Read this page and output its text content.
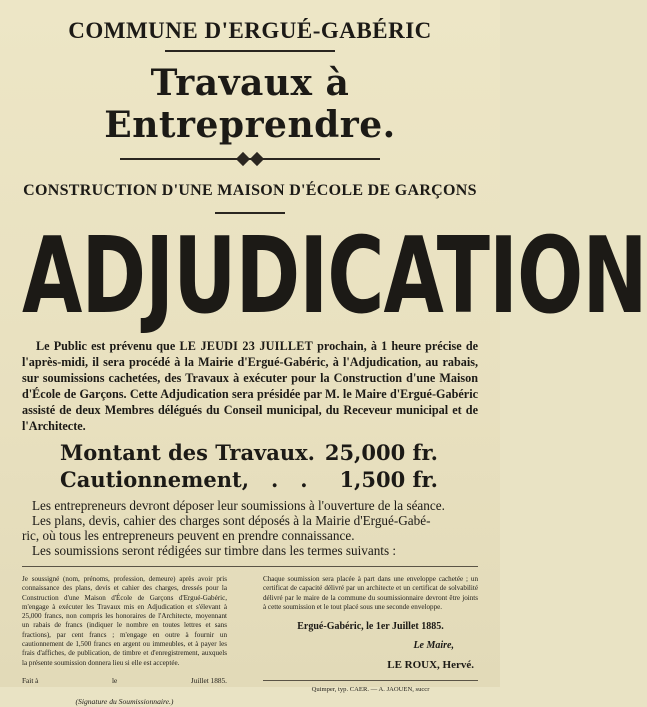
COMMUNE D'ERGUÉ-GABÉRIC
Travaux à Entreprendre.
CONSTRUCTION D'UNE MAISON D'ÉCOLE DE GARÇONS
ADJUDICATION
Le Public est prévenu que LE JEUDI 23 JUILLET prochain, à 1 heure précise de l'après-midi, il sera procédé à la Mairie d'Ergué-Gabéric, à l'Adjudication, au rabais, sur soumissions cachetées, des Travaux à exécuter pour la Construction d'une Maison d'École de Garçons. Cette Adjudication sera présidée par M. le Maire d'Ergué-Gabéric assisté de deux Membres délégués du Conseil municipal, du Receveur municipal et de l'Architecte.
Montant des Travaux. 25,000 fr.
Cautionnement,   .   . 1,500 fr.
Les entrepreneurs devront déposer leur soumissions à l'ouverture de la séance.
Les plans, devis, cahier des charges sont déposés à la Mairie d'Ergué-Gabé-
ric, où tous les entrepreneurs peuvent en prendre connaissance.
Les soumissions seront rédigées sur timbre dans les termes suivants :
Je soussigné (nom, prénoms, profession, demeure) après avoir pris connaissance des plans, devis et cahier des charges, dressés pour la Construction d'une Maison d'École de Garçons d'Ergué-Gabéric, m'engage à exécuter les Travaux mis en Adjudication et s'élevant à 25,000 francs, non compris les honoraires de l'Architecte, moyennant un rabais de francs (indiquer le nombre en toutes lettres et sans fractions), par cent francs ; m'engage en outre à fournir un cautionnement de 1,500 francs en argent ou immeubles, et à payer les frais d'affiches, de publication, de timbre et d'enregistrement, auxquels la présente soumission donnera lieu si elle est acceptée.
Fait à	le	Juillet 1885.
(Signature du Soumissionnaire.)
Chaque soumission sera placée à part dans une enveloppe cachetée ; un certificat de capacité délivré par un architecte et un certificat de solvabilité délivré par le maire de la commune du soumissionnaire devront être joints à cette soumission et le tout placé sous une seconde enveloppe.
Ergué-Gabéric, le 1er Juillet 1885.
Le Maire,
LE ROUX, Hervé.
Quimper, typ. CAER. — A. JAOUEN, succr
